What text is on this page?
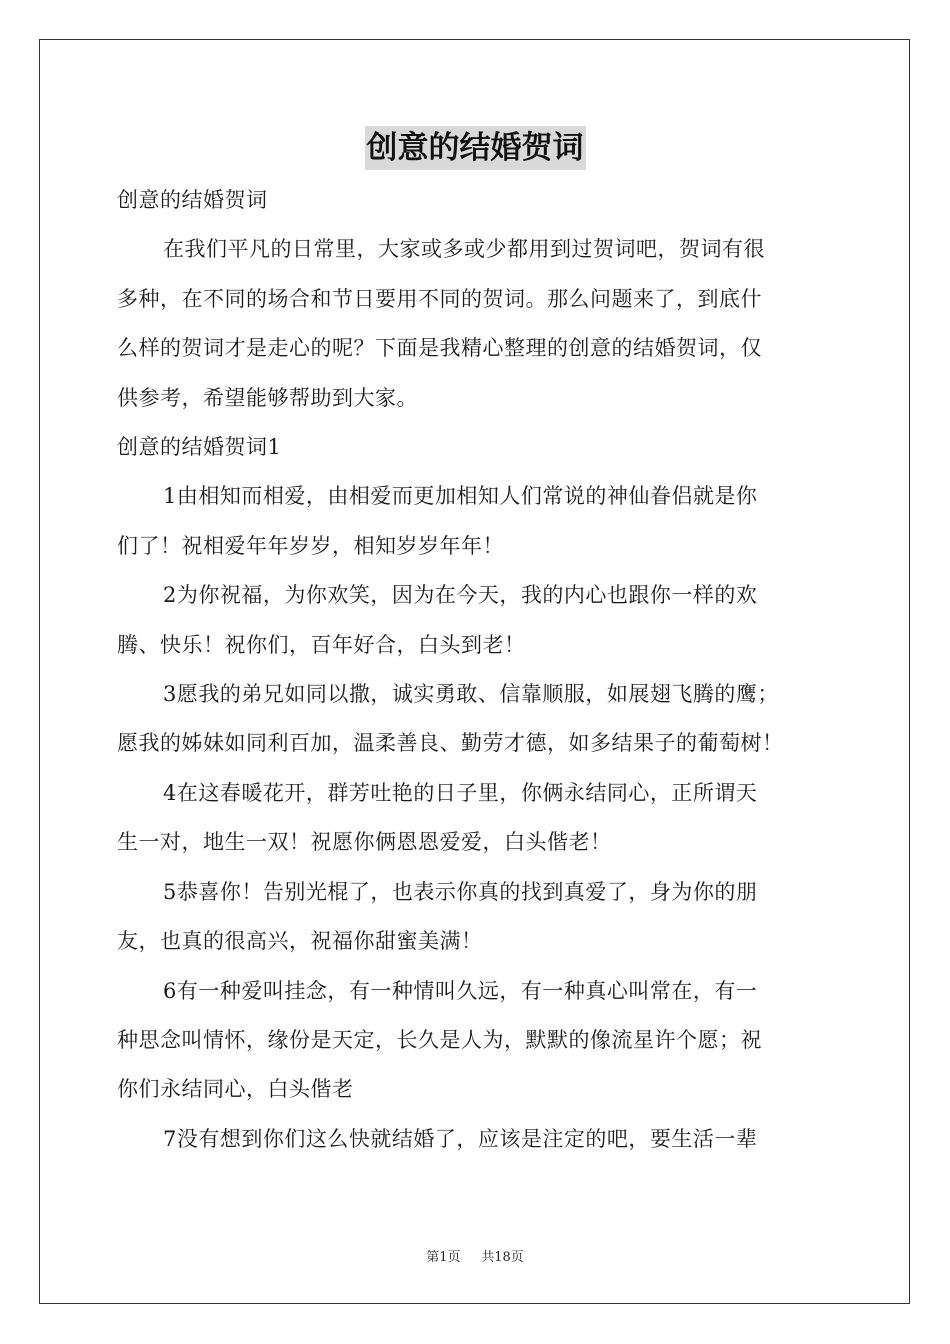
创意的结婚贺词
创意的结婚贺词
在我们平凡的日常里，大家或多或少都用到过贺词吧，贺词有很
多种，在不同的场合和节日要用不同的贺词。那么问题来了，到底什
么样的贺词才是走心的呢？下面是我精心整理的创意的结婚贺词，仅
供参考，希望能够帮助到大家。
创意的结婚贺词1
1由相知而相爱，由相爱而更加相知人们常说的神仙眷侣就是你
们了！祝相爱年年岁岁，相知岁岁年年！
2为你祝福，为你欢笑，因为在今天，我的内心也跟你一样的欢
腾、快乐！祝你们，百年好合，白头到老！
3愿我的弟兄如同以撒，诚实勇敢、信靠顺服，如展翅飞腾的鹰；
愿我的姊妹如同利百加，温柔善良、勤劳才德，如多结果子的葡萄树！
4在这春暖花开，群芳吐艳的日子里，你俩永结同心，正所谓天
生一对，地生一双！祝愿你俩恩恩爱爱，白头偕老！
5恭喜你！告别光棍了，也表示你真的找到真爱了，身为你的朋
友，也真的很高兴，祝福你甜蜜美满！
6有一种爱叫挂念，有一种情叫久远，有一种真心叫常在，有一
种思念叫情怀，缘份是天定，长久是人为，默默的像流星许个愿；祝
你们永结同心，白头偕老
7没有想到你们这么快就结婚了，应该是注定的吧，要生活一辈
第1页 共18页
